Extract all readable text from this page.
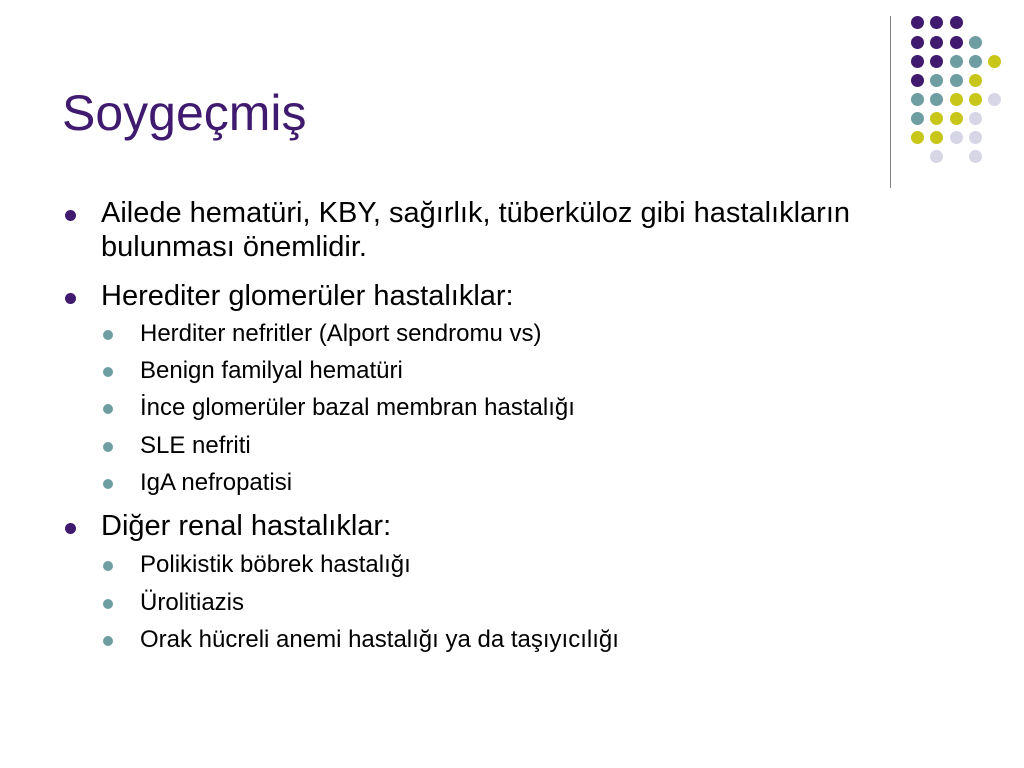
Soygeçmiş
Ailede hematüri, KBY, sağırlık, tüberküloz gibi hastalıkların bulunması önemlidir.
Herediter glomerüler hastalıklar:
Herditer nefritler (Alport sendromu vs)
Benign familyal hematüri
İnce glomerüler bazal membran hastalığı
SLE nefriti
IgA nefropatisi
Diğer renal hastalıklar:
Polikistik böbrek hastalığı
Ürolitiazis
Orak hücreli anemi hastalığı ya da taşıyıcılığı
